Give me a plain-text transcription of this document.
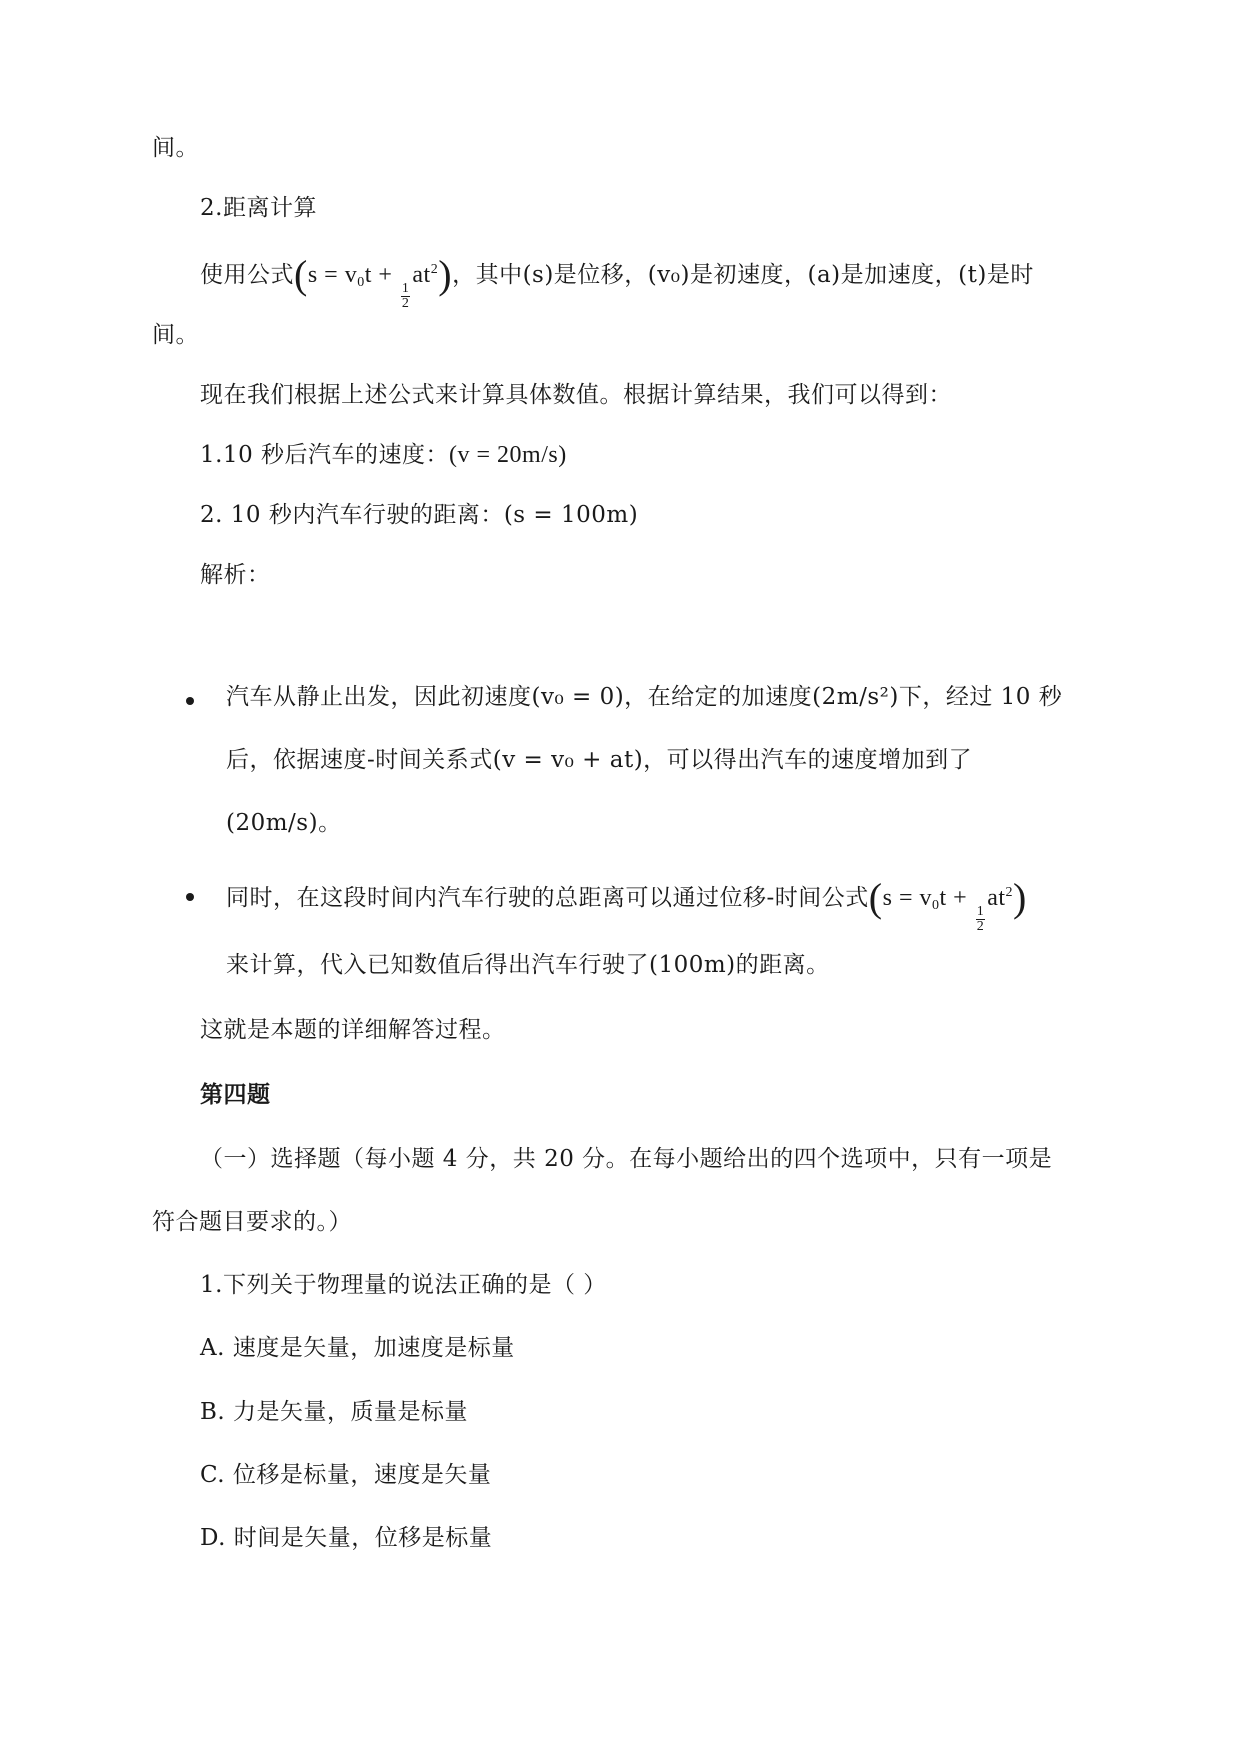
间。
2.距离计算
使用公式($s = v_0t$ +
$\frac{1}{2}$
$at^2$)，其中(s)是位移，(v₀)是初速度，(a)是加速度，(t)是时
间。
现在我们根据上述公式来计算具体数值。根据计算结果，我们可以得到：
1.10 秒后汽车的速度：(v = 20m/s)
2. 10 秒内汽车行驶的距离：(s = 100m)
解析：
汽车从静止出发，因此初速度(v₀ = 0)，在给定的加速度(2m/s²)下，经过 10 秒
后，依据速度-时间关系式(v = v₀ + at)，可以得出汽车的速度增加到了
(20m/s)。
同时，在这段时间内汽车行驶的总距离可以通过位移-时间公式($s = v_0t$ +
$\frac{1}{2}$
$at^2$)
来计算，代入已知数值后得出汽车行驶了(100m)的距离。
这就是本题的详细解答过程。
第四题
（一）选择题（每小题 4 分，共 20 分。在每小题给出的四个选项中，只有一项是
符合题目要求的。）
1.下列关于物理量的说法正确的是（ ）
A. 速度是矢量，加速度是标量
B. 力是矢量，质量是标量
C. 位移是标量，速度是矢量
D. 时间是矢量，位移是标量
